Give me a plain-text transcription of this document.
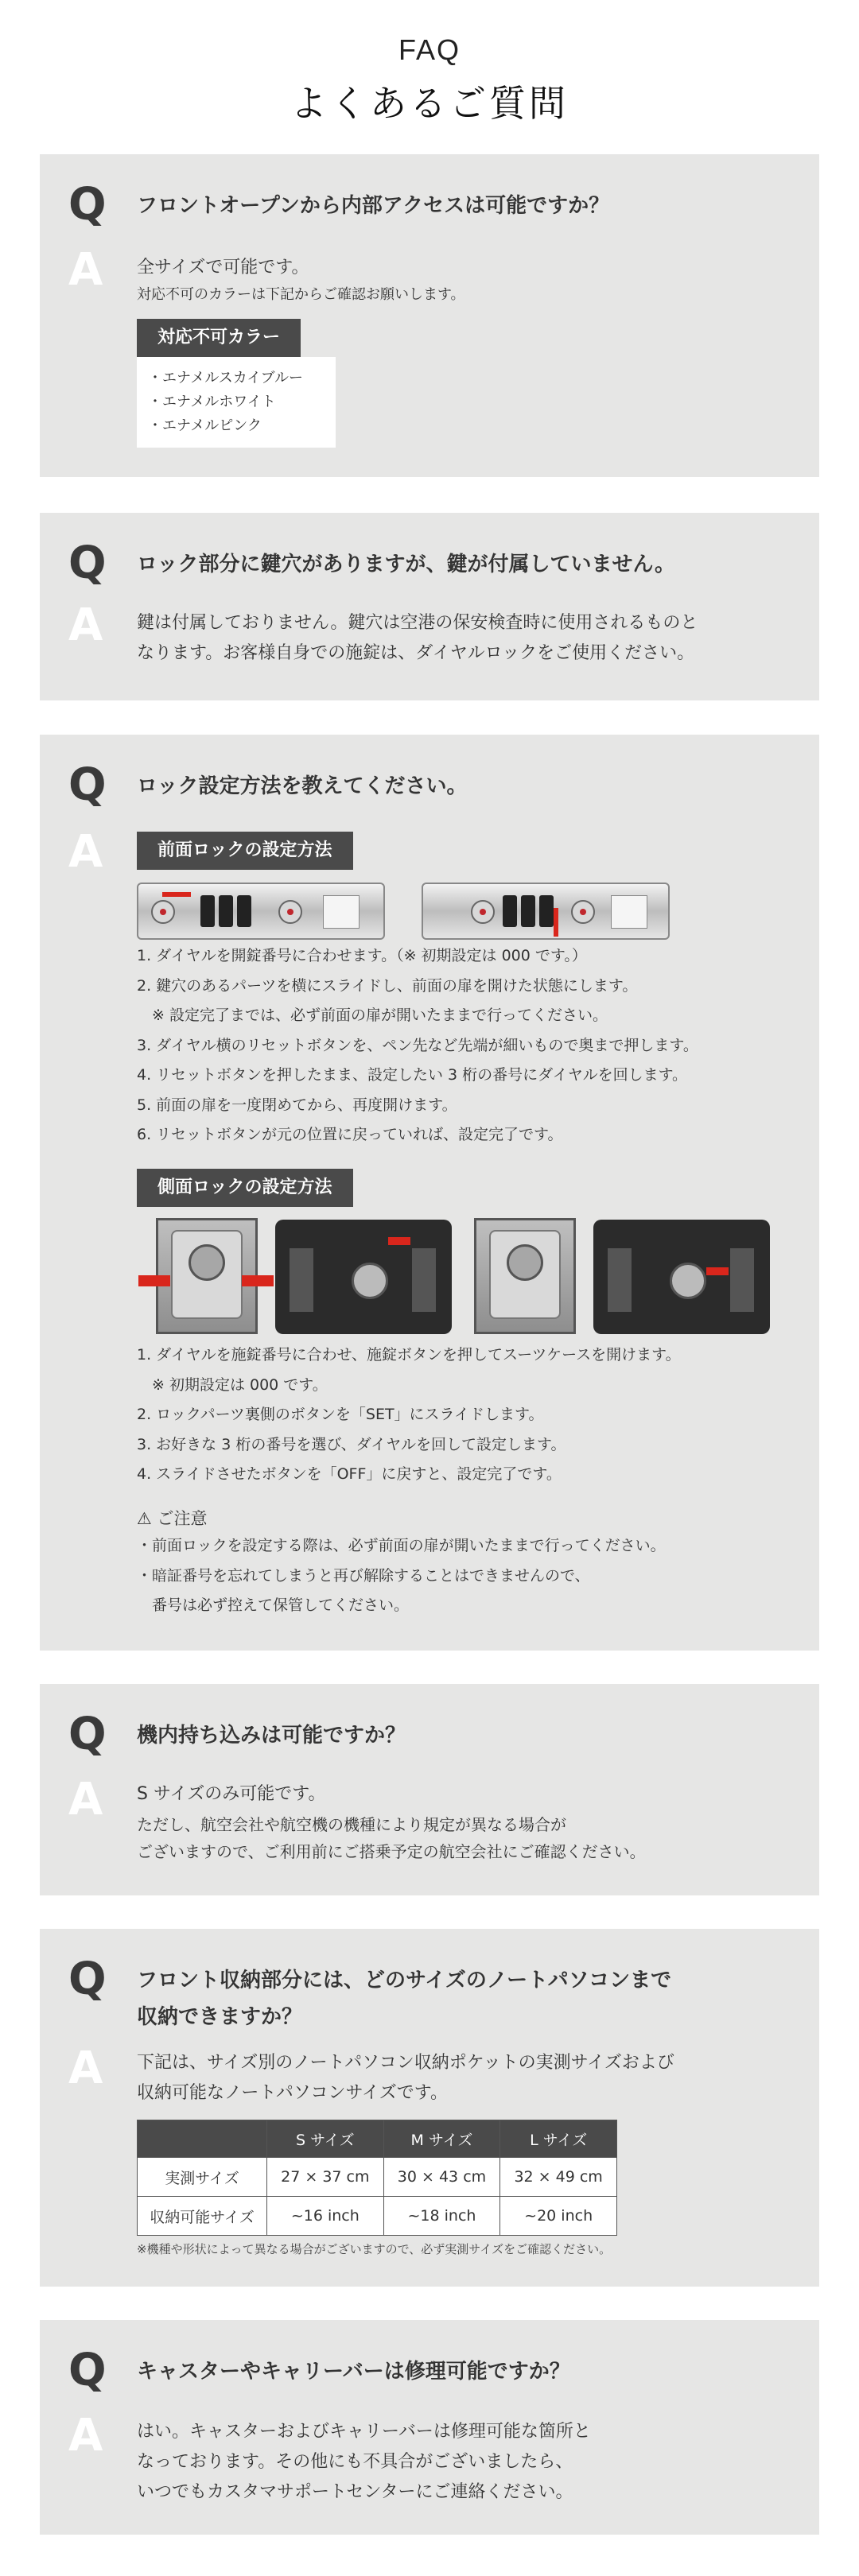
FAQ
よくあるご質問
Q フロントオープンから内部アクセスは可能ですか？
A 全サイズで可能です。
対応不可のカラーは下記からご確認お願いします。
対応不可カラー
・エナメルスカイブルー
・エナメルホワイト
・エナメルピンク
Q ロック部分に鍵穴がありますが、鍵が付属していません。
A 鍵は付属しておりません。鍵穴は空港の保安検査時に使用されるものと
なります。お客様自身での施錠は、ダイヤルロックをご使用ください。
Q ロック設定方法を教えてください。
A	前面ロックの設定方法
1. ダイヤルを開錠番号に合わせます。（※ 初期設定は 000 です。）
2. 鍵穴のあるパーツを横にスライドし、前面の扉を開けた状態にします。
　※ 設定完了までは、必ず前面の扉が開いたままで行ってください。
3. ダイヤル横のリセットボタンを、ペン先など先端が細いもので奥まで押します。
4. リセットボタンを押したまま、設定したい 3 桁の番号にダイヤルを回します。
5. 前面の扉を一度閉めてから、再度開けます。
6. リセットボタンが元の位置に戻っていれば、設定完了です。
側面ロックの設定方法
1. ダイヤルを施錠番号に合わせ、施錠ボタンを押してスーツケースを開けます。
　※ 初期設定は 000 です。
2. ロックパーツ裏側のボタンを「SET」にスライドします。
3. お好きな 3 桁の番号を選び、ダイヤルを回して設定します。
4. スライドさせたボタンを「OFF」に戻すと、設定完了です。
⚠ ご注意
・前面ロックを設定する際は、必ず前面の扉が開いたままで行ってください。
・暗証番号を忘れてしまうと再び解除することはできませんので、
　番号は必ず控えて保管してください。
Q 機内持ち込みは可能ですか？
A S サイズのみ可能です。
ただし、航空会社や航空機の機種により規定が異なる場合が
ございますので、ご利用前にご搭乗予定の航空会社にご確認ください。
Q フロント収納部分には、どのサイズのノートパソコンまで
収納できますか？
A 下記は、サイズ別のノートパソコン収納ポケットの実測サイズおよび
収納可能なノートパソコンサイズです。
	S サイズ	M サイズ	L サイズ
実測サイズ	27 × 37 cm	30 × 43 cm	32 × 49 cm
収納可能サイズ	~16 inch	~18 inch	~20 inch
※機種や形状によって異なる場合がございますので、必ず実測サイズをご確認ください。
Q キャスターやキャリーバーは修理可能ですか？
A はい。キャスターおよびキャリーバーは修理可能な箇所と
なっております。その他にも不具合がございましたら、
いつでもカスタマサポートセンターにご連絡ください。
